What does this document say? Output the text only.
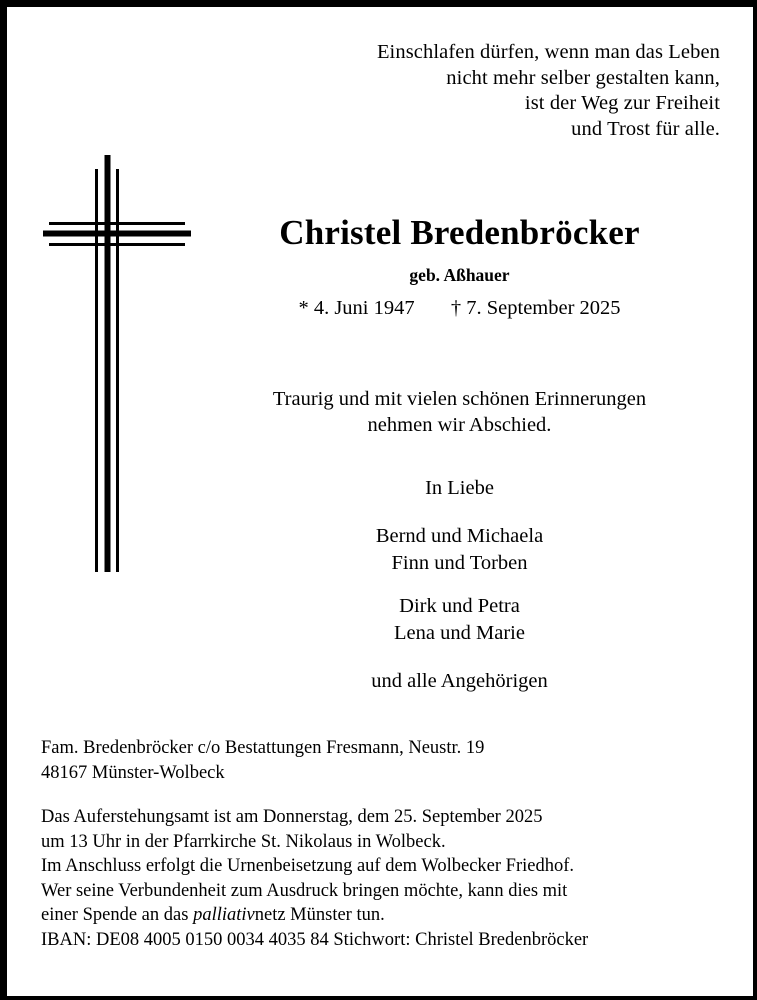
Einschlafen dürfen, wenn man das Leben
nicht mehr selber gestalten kann,
ist der Weg zur Freiheit
und Trost für alle.
Christel Bredenbröcker
geb. Aßhauer
* 4. Juni 1947 † 7. September 2025
Traurig und mit vielen schönen Erinnerungen
nehmen wir Abschied.
In Liebe
Bernd und Michaela
Finn und Torben
Dirk und Petra
Lena und Marie
und alle Angehörigen
Fam. Bredenbröcker c/o Bestattungen Fresmann, Neustr. 19
48167 Münster-Wolbeck
Das Auferstehungsamt ist am Donnerstag, dem 25. September 2025
um 13 Uhr in der Pfarrkirche St. Nikolaus in Wolbeck.
Im Anschluss erfolgt die Urnenbeisetzung auf dem Wolbecker Friedhof.
Wer seine Verbundenheit zum Ausdruck bringen möchte, kann dies mit
einer Spende an das palliativnetz Münster tun.
IBAN: DE08 4005 0150 0034 4035 84 Stichwort: Christel Bredenbröcker
